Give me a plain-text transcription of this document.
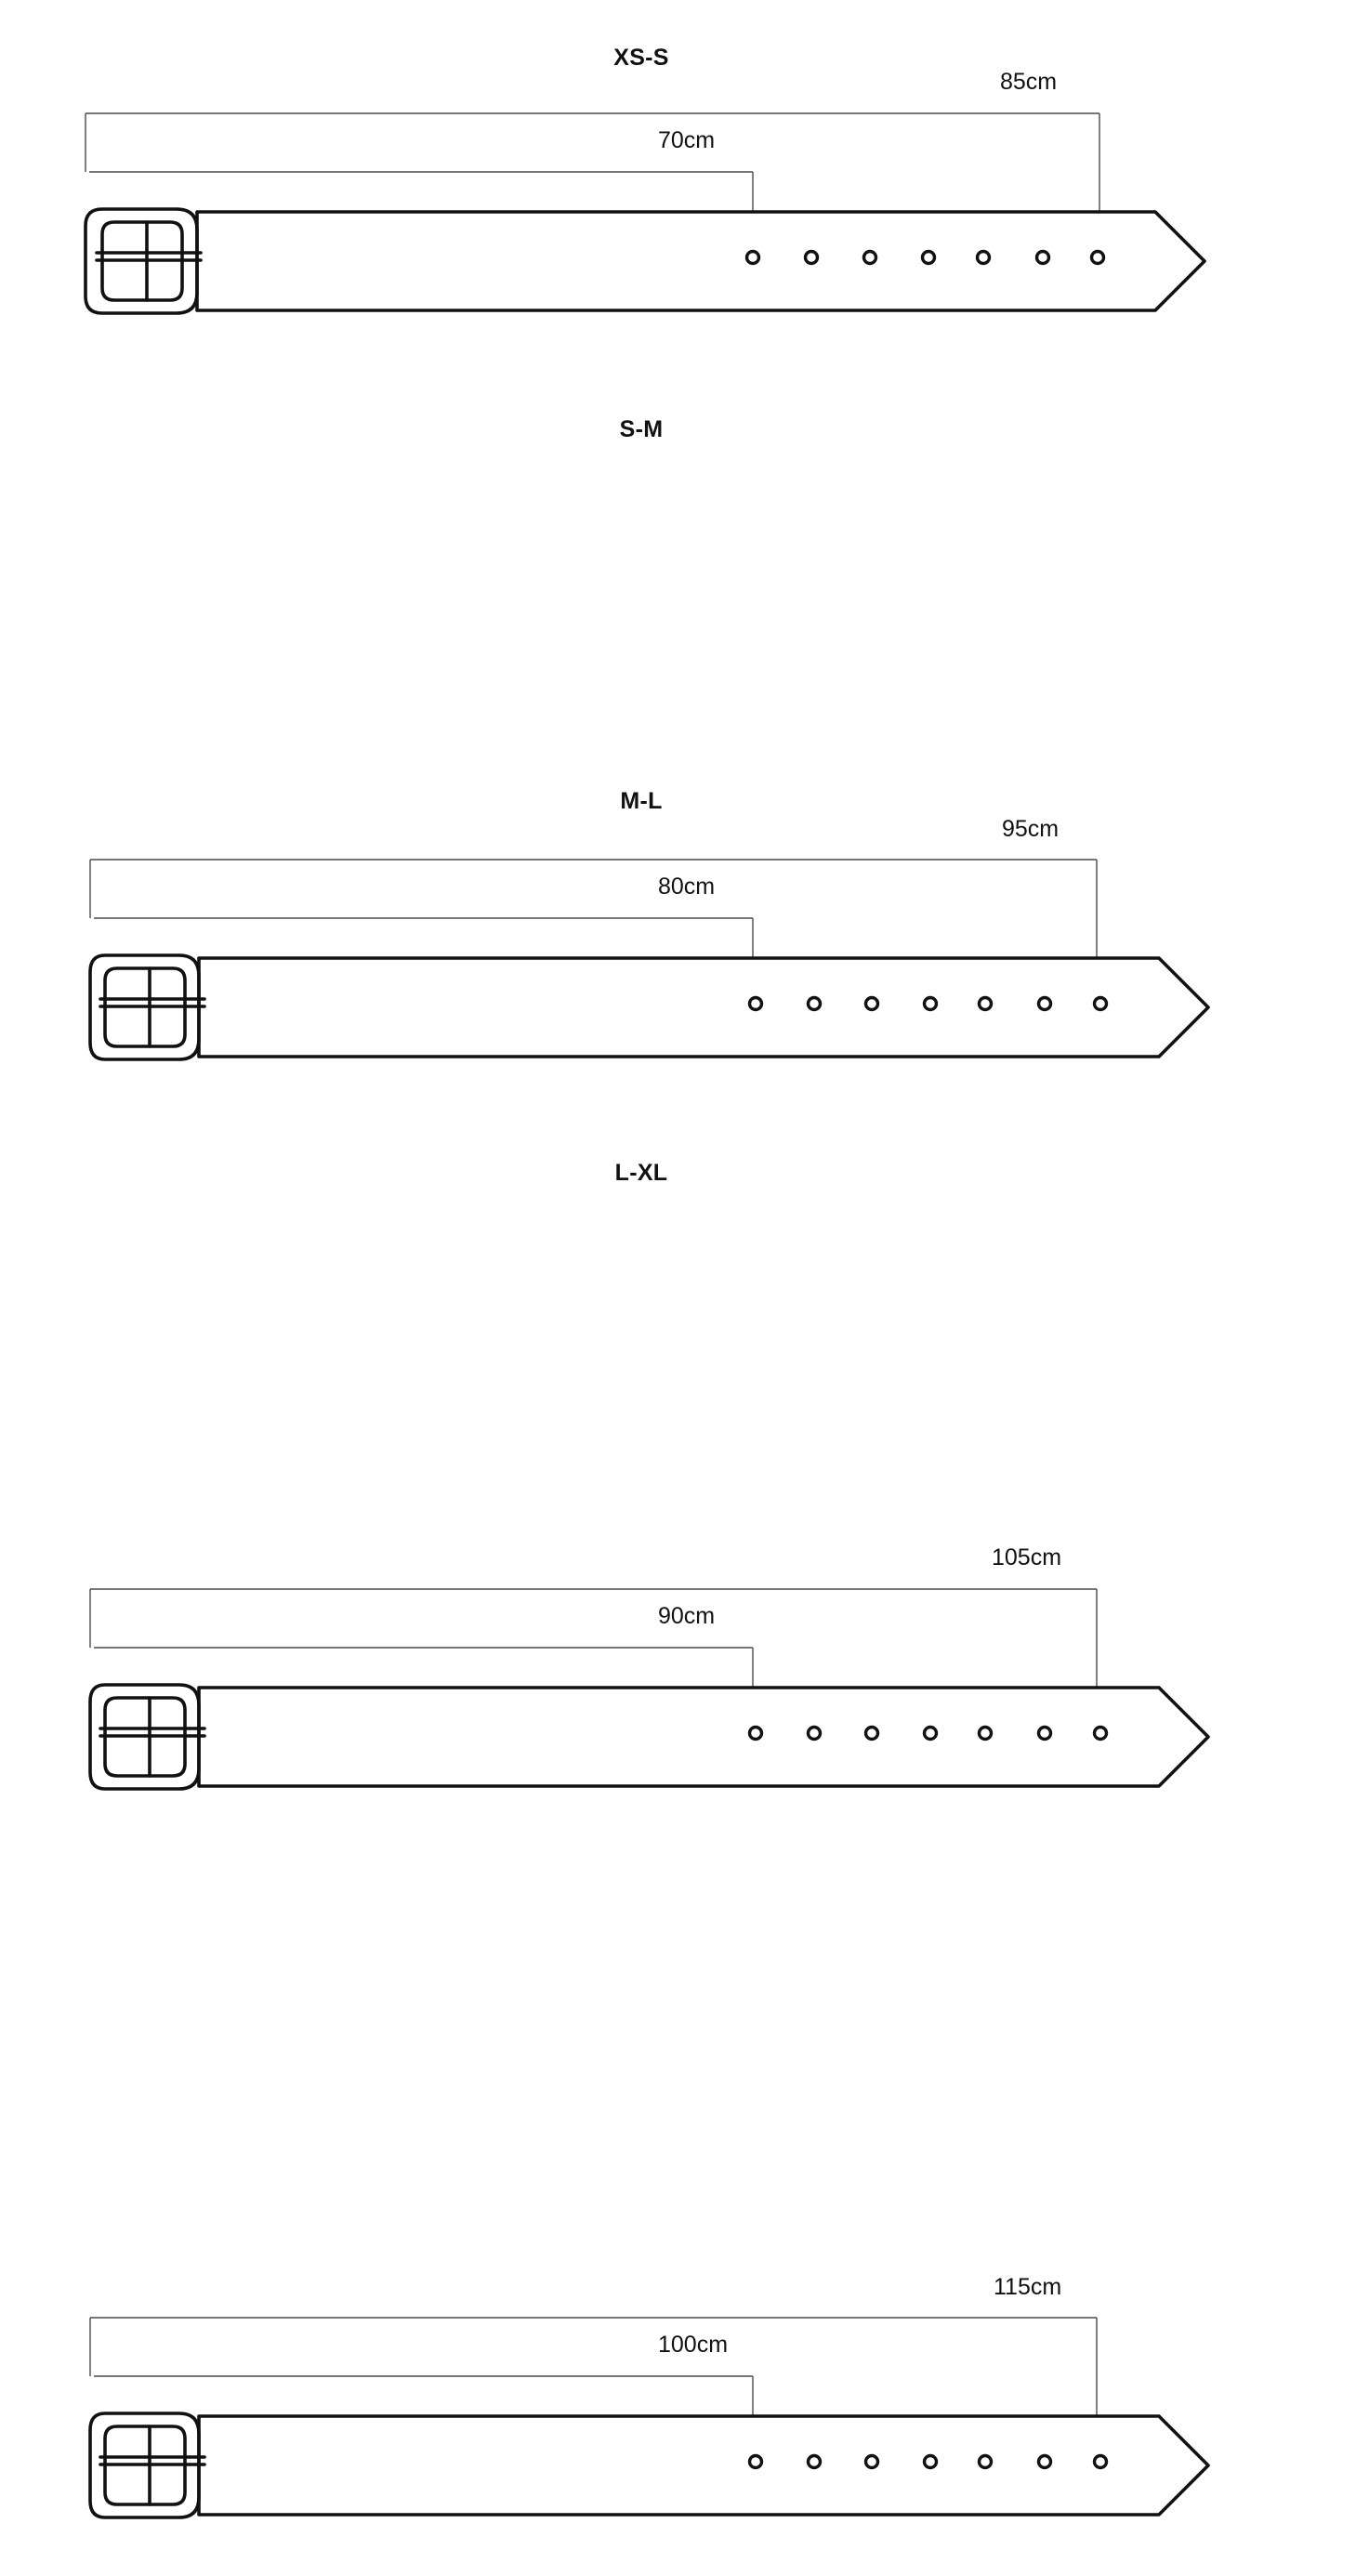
XS-S
85cm
70cm
S-M
95cm
80cm
M-L
105cm
90cm
L-XL
115cm
100cm
